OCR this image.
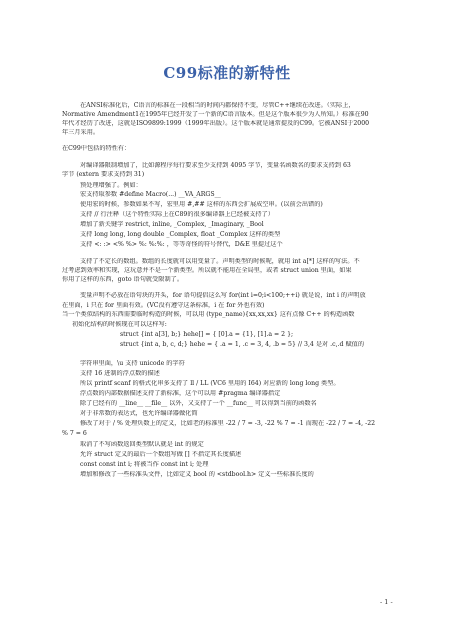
C99标准的新特性
在ANSI标准化后，C语言的标准在一段相当的时间内都保持不变，尽管C++继续在改进。（实际上，
Normative Amendment1在1995年已经开发了一个新的C语言版本。但是这个版本很少为人所知。）标准在90
年代才经历了改进，这就是ISO9899:1999（1999年出版）。这个版本就是通常提及的C99。它被ANSI于2000
年三月采用。
在C99中包括的特性有：
对编译器限制增加了，比如源程序每行要求至少支持到 4095 字节，变量名函数名的要求支持到 63
字节 (extern 要求支持到 31)
预处理增强了。例如：
宏支持取参数 #define Macro(...) __VA_ARGS__
使用宏的时候，参数如果不写，宏里用 #,## 这样的东西会扩展成空串。(以前会出错的)
支持 // 行注释（这个特性实际上在C89的很多编译器上已经被支持了）
增加了新关键字 restrict, inline, _Complex, _Imaginary, _Bool
支持 long long, long double _Complex, float _Complex 这样的类型
支持 <: :> <% %> %: %:%: ，等等奇怪的符号替代，D&E 里提过这个
支持了不定长的数组。数组的长度就可以用变量了。声明类型的时候呢，就用 int a[*] 这样的写法。不
过考虑到效率和实现，这玩意并不是一个新类型。所以就不能用在全局里，或者 struct union 里面，如果
你用了这样的东西，goto 语句就受限制了。
变量声明不必放在语句块的开头，for 语句提倡这么写 for(int i=0;i<100;++i) 就是说，int i 的声明放
在里面，i 只在 for 里面有效。(VC没有遵守这条标准，i 在 for 外也有效)
当一个类似结构的东西需要临时构造的时候，可以用 (type_name){xx,xx,xx} 这有点像 C++ 的构造函数
初始化结构的时候现在可以这样写:
struct {int a[3], b;} hehe[] = { [0].a = {1}, [1].a = 2 };
struct {int a, b, c, d;} hehe = { .a = 1, .c = 3, 4, .b = 5} // 3,4 是对 .c,.d 赋值的
字符串里面，\u 支持 unicode 的字符
支持 16 进制的浮点数的描述
所以 printf scanf 的格式化串多支持了 ll / LL (VC6 里用的 I64) 对应新的 long long 类型。
浮点数的内部数据描述支持了新标准，这个可以用 #pragma 编译器指定
除了已经有的 __line__ __file__ 以外，又支持了一个 __func__ 可以得到当前的函数名
对于非常数的表达式，也允许编译器做化简
修改了对于 / % 处理负数上的定义，比如老的标准里 -22 / 7 = -3, -22 % 7 = -1 而现在 -22 / 7 = -4, -22
% 7 = 6
取消了不写函数返回类型默认就是 int 的规定
允许 struct 定义的最后一个数组写做 [] 不指定其长度描述
const const int i; 将被当作 const int i; 处理
增加和修改了一些标准头文件，比如定义 bool 的 <stdbool.h> 定义一些标准长度的
- 1 -
